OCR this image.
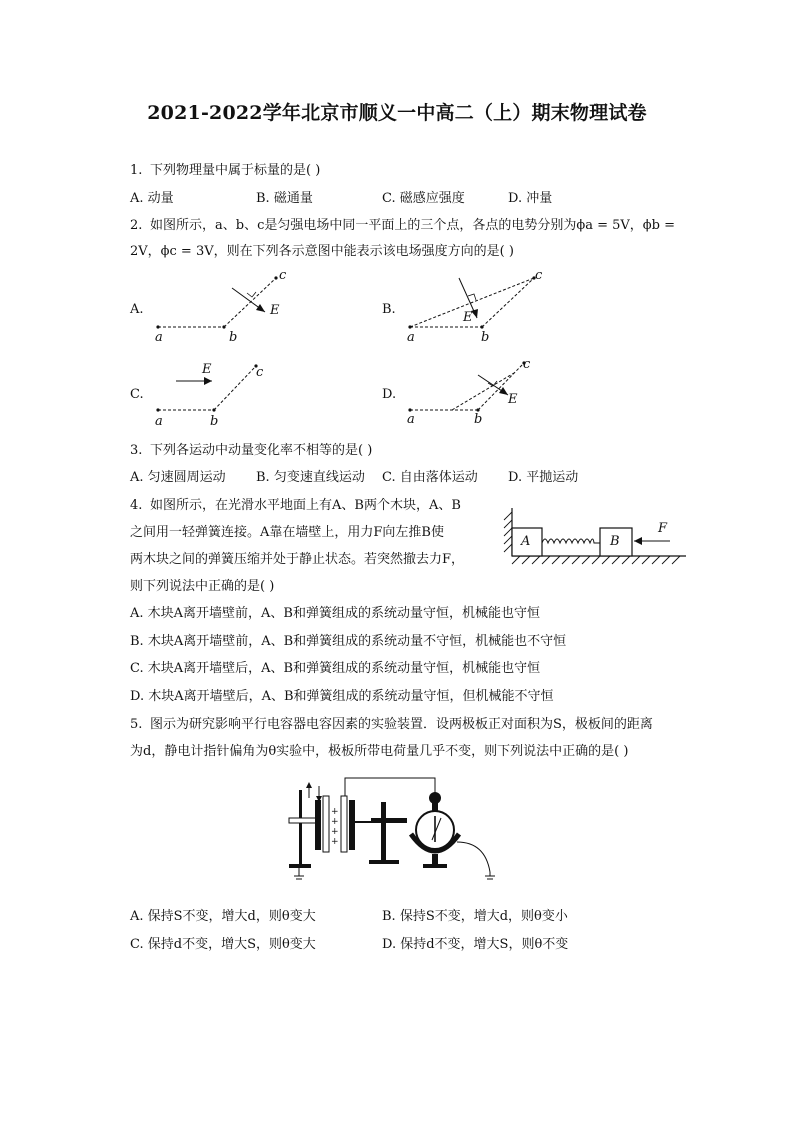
2021-2022学年北京市顺义一中高二（上）期末物理试卷
1. 下列物理量中属于标量的是( )
A. 动量	B. 磁通量	C. 磁感应强度	D. 冲量
2. 如图所示，a、b、c是匀强电场中同一平面上的三个点，各点的电势分别为ϕa = 5V，ϕb =
2V，ϕc = 3V，则在下列各示意图中能表示该电场强度方向的是( )
A.	B.
C.	D.
a	b
c
E
a	b
c
E
a	b
c
E
a	b
c
E
3. 下列各运动中动量变化率不相等的是( )
A. 匀速圆周运动 B. 匀变速直线运动 C. 自由落体运动 D. 平抛运动
4. 如图所示，在光滑水平地面上有A、B两个木块，A、B
之间用一轻弹簧连接。A靠在墙壁上，用力F向左推B使
两木块之间的弹簧压缩并处于静止状态。若突然撤去力F，
则下列说法中正确的是( )
A	B
F
A. 木块A离开墙壁前，A、B和弹簧组成的系统动量守恒，机械能也守恒
B. 木块A离开墙壁前，A、B和弹簧组成的系统动量不守恒，机械能也不守恒
C. 木块A离开墙壁后，A、B和弹簧组成的系统动量守恒，机械能也守恒
D. 木块A离开墙壁后，A、B和弹簧组成的系统动量守恒，但机械能不守恒
5. 图示为研究影响平行电容器电容因素的实验装置．设两极板正对面积为S，极板间的距离
为d，静电计指针偏角为θ实验中，极板所带电荷量几乎不变，则下列说法中正确的是( )
+
+
+
+
A. 保持S不变，增大d，则θ变大	B. 保持S不变，增大d，则θ变小
C. 保持d不变，增大S，则θ变大	D. 保持d不变，增大S，则θ不变
